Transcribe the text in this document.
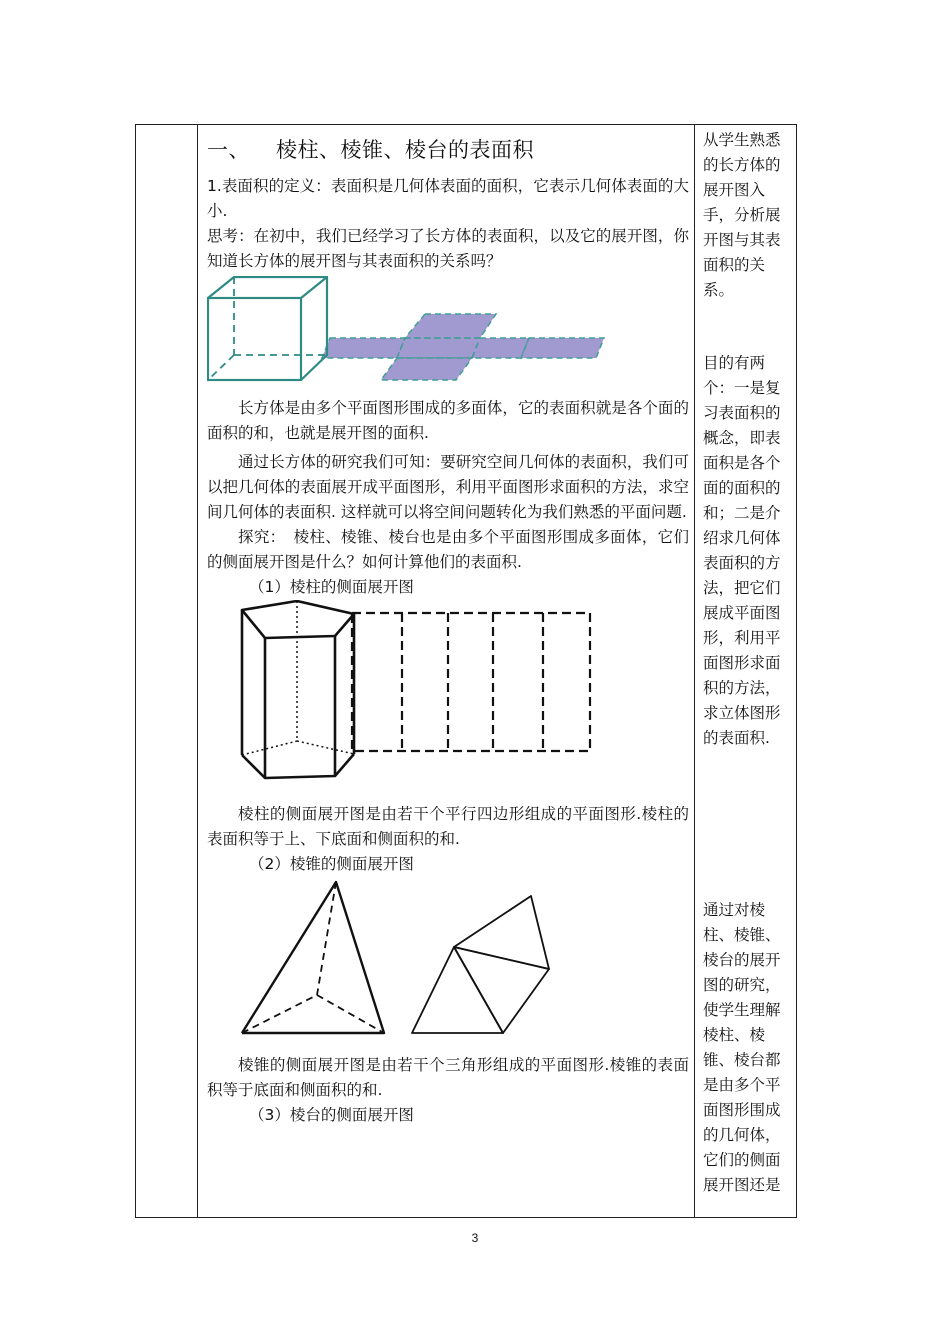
一、 棱柱、棱锥、棱台的表面积

1.表面积的定义：表面积是几何体表面的面积，它表示几何体表面的大小.

思考：在初中，我们已经学习了长方体的表面积，以及它的展开图，你知道长方体的展开图与其表面积的关系吗？

长方体是由多个平面图形围成的多面体，它的表面积就是各个面的面积的和，也就是展开图的面积.

通过长方体的研究我们可知：要研究空间几何体的表面积，我们可以把几何体的表面展开成平面图形，利用平面图形求面积的方法，求空间几何体的表面积. 这样就可以将空间问题转化为我们熟悉的平面问题.

探究：　棱柱、棱锥、棱台也是由多个平面图形围成多面体，它们的侧面展开图是什么？如何计算他们的表面积.

（1）棱柱的侧面展开图

棱柱的侧面展开图是由若干个平行四边形组成的平面图形.棱柱的表面积等于上、下底面和侧面积的和.

（2）棱锥的侧面展开图

棱锥的侧面展开图是由若干个三角形组成的平面图形.棱锥的表面积等于底面和侧面积的和.

（3）棱台的侧面展开图

从学生熟悉的长方体的展开图入手，分析展开图与其表面积的关系。
目的有两个：一是复习表面积的概念，即表面积是各个面的面积的和；二是介绍求几何体表面积的方法，把它们展成平面图形，利用平面图形求面积的方法，求立体图形的表面积.
通过对棱柱、棱锥、棱台的展开图的研究，使学生理解棱柱、棱锥、棱台都是由多个平面图形围成的几何体，它们的侧面展开图还是
3
